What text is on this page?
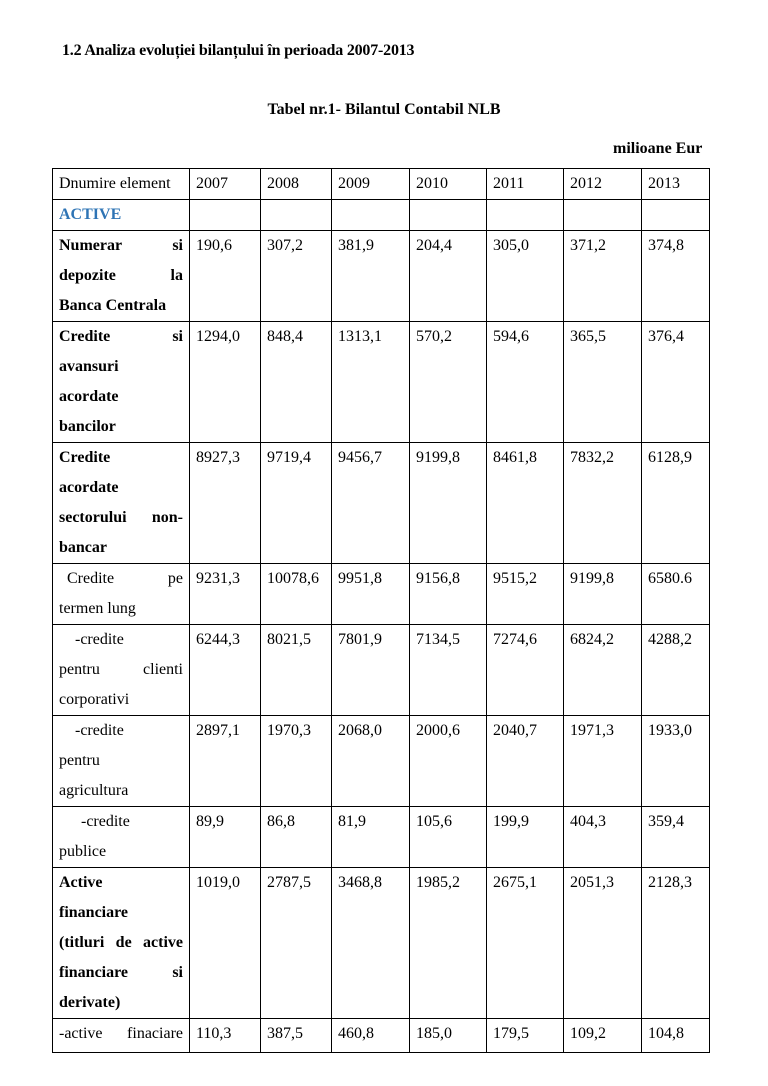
1.2 Analiza evoluției bilanțului în perioada 2007-2013
Tabel nr.1- Bilantul Contabil NLB
milioane Eur
Dnumire element	2007	2008	2009	2010	2011	2012	2013
ACTIVE							

Numerar si
depozite la
Banca Centrala	190,6	307,2	381,9	204,4	305,0	371,2	374,8

Credite si
avansuri
acordate
bancilor	1294,0	848,4	1313,1	570,2	594,6	365,5	376,4

Credite
acordate
sectorului non-
bancar	8927,3	9719,4	9456,7	9199,8	8461,8	7832,2	6128,9

Credite pe
termen lung	9231,3	10078,6	9951,8	9156,8	9515,2	9199,8	6580.6

-credite
pentru clienti
corporativi	6244,3	8021,5	7801,9	7134,5	7274,6	6824,2	4288,2

-credite
pentru
agricultura	2897,1	1970,3	2068,0	2000,6	2040,7	1971,3	1933,0

-credite
publice	89,9	86,8	81,9	105,6	199,9	404,3	359,4

Active
financiare
(titluri de active
financiare si
derivate)	1019,0	2787,5	3468,8	1985,2	2675,1	2051,3	2128,3

-active finaciare	110,3	387,5	460,8	185,0	179,5	109,2	104,8
